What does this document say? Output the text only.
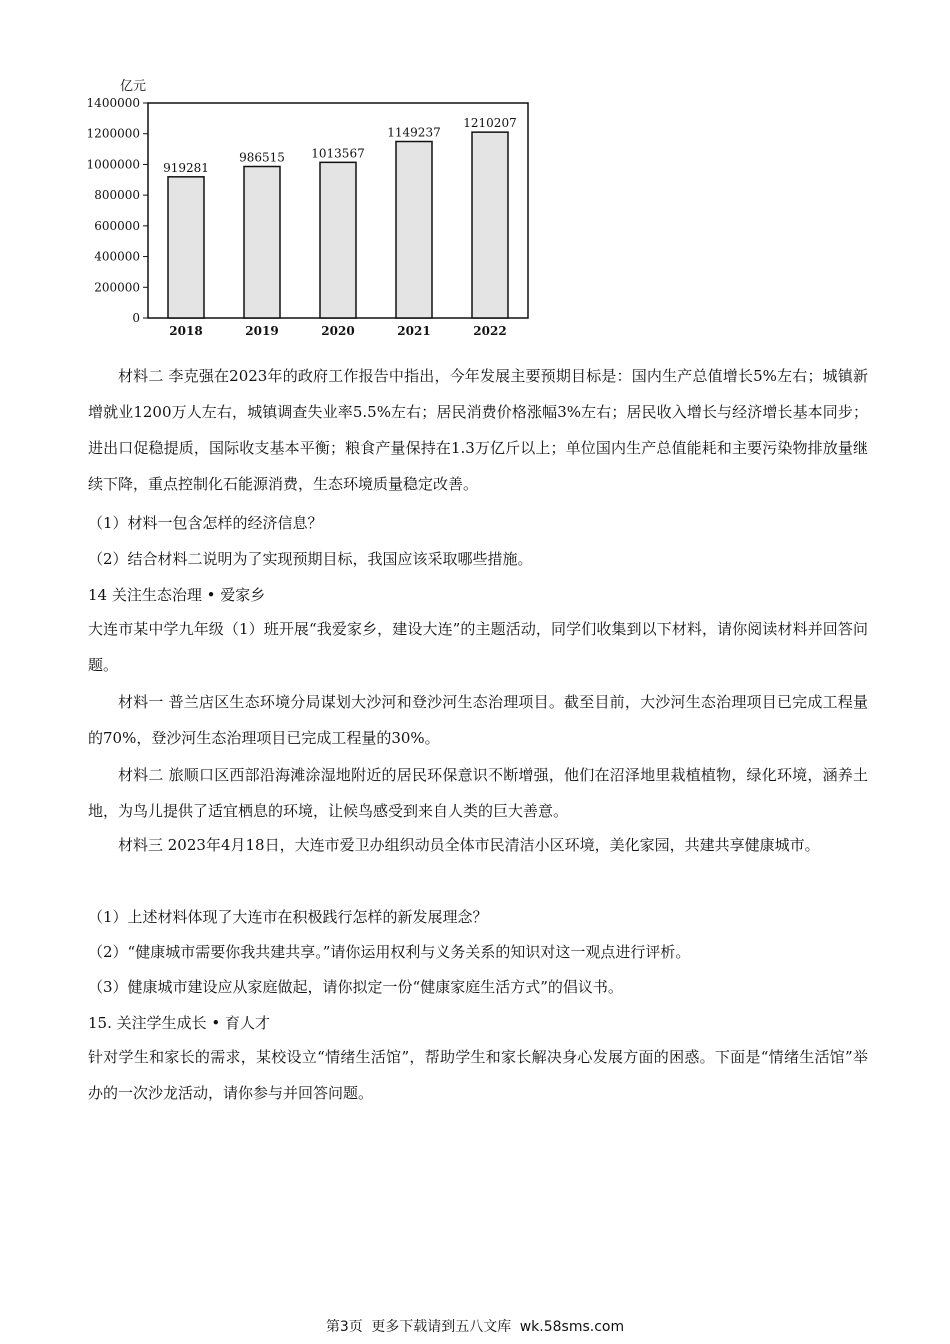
亿元
0
200000
400000
600000
800000
1000000
1200000
1400000
919281
2018
986515
2019
1013567
2020
1149237
2021
1210207
2022

材料二 李克强在2023年的政府工作报告中指出，今年发展主要预期目标是：国内生产总值增长5%左右；城镇新增就业1200万人左右，城镇调查失业率5.5%左右；居民消费价格涨幅3%左右；居民收入增长与经济增长基本同步；进出口促稳提质，国际收支基本平衡；粮食产量保持在1.3万亿斤以上；单位国内生产总值能耗和主要污染物排放量继续下降，重点控制化石能源消费，生态环境质量稳定改善。

（1）材料一包含怎样的经济信息？

（2）结合材料二说明为了实现预期目标，我国应该采取哪些措施。

14 关注生态治理 • 爱家乡

大连市某中学九年级（1）班开展“我爱家乡，建设大连”的主题活动，同学们收集到以下材料，请你阅读材料并回答问题。

材料一 普兰店区生态环境分局谋划大沙河和登沙河生态治理项目。截至目前，大沙河生态治理项目已完成工程量的70%，登沙河生态治理项目已完成工程量的30%。

材料二 旅顺口区西部沿海滩涂湿地附近的居民环保意识不断增强，他们在沼泽地里栽植植物，绿化环境，涵养土地，为鸟儿提供了适宜栖息的环境，让候鸟感受到来自人类的巨大善意。

材料三 2023年4月18日，大连市爱卫办组织动员全体市民清洁小区环境，美化家园，共建共享健康城市。

（1）上述材料体现了大连市在积极践行怎样的新发展理念？

（2）“健康城市需要你我共建共享。”请你运用权利与义务关系的知识对这一观点进行评析。

（3）健康城市建设应从家庭做起，请你拟定一份“健康家庭生活方式”的倡议书。

15. 关注学生成长 • 育人才

针对学生和家长的需求，某校设立“情绪生活馆”，帮助学生和家长解决身心发展方面的困惑。下面是“情绪生活馆”举办的一次沙龙活动，请你参与并回答问题。

第3页 更多下载请到五八文库 wk.58sms.com
